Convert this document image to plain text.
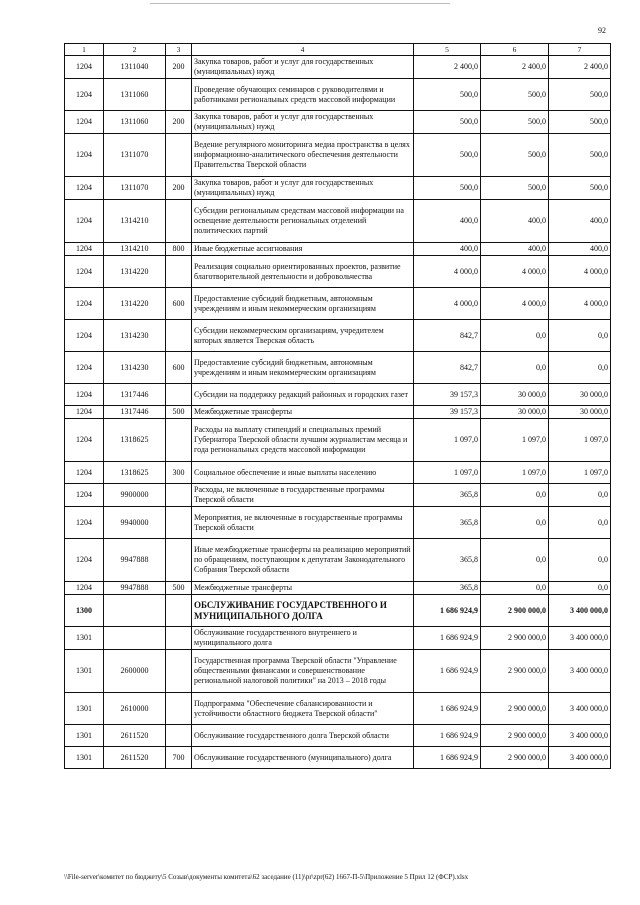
92
1	2	3	4	5	6	7
1204	1311040	200	Закупка товаров, работ и услуг для государственных (муниципальных) нужд	2 400,0	2 400,0	2 400,0
1204	1311060		Проведение обучающих семинаров с руководителями и работниками региональных средств массовой информации	500,0	500,0	500,0
1204	1311060	200	Закупка товаров, работ и услуг для государственных (муниципальных) нужд	500,0	500,0	500,0
1204	1311070		Ведение регулярного мониторинга медиа пространства в целях информационно-аналитического обеспечения деятельности Правительства Тверской области	500,0	500,0	500,0
1204	1311070	200	Закупка товаров, работ и услуг для государственных (муниципальных) нужд	500,0	500,0	500,0
1204	1314210		Субсидии региональным средствам массовой информации на освещение деятельности региональных отделений политических партий	400,0	400,0	400,0
1204	1314210	800	Иные бюджетные ассигнования	400,0	400,0	400,0
1204	1314220		Реализация социально ориентированных проектов, развитие благотворительной деятельности и добровольчества	4 000,0	4 000,0	4 000,0
1204	1314220	600	Предоставление субсидий бюджетным, автономным учреждениям и иным некоммерческим организациям	4 000,0	4 000,0	4 000,0
1204	1314230		Субсидии некоммерческим организациям, учредителем которых является Тверская область	842,7	0,0	0,0
1204	1314230	600	Предоставление субсидий бюджетным, автономным учреждениям и иным некоммерческим организациям	842,7	0,0	0,0
1204	1317446		Субсидии на поддержку редакций районных и городских газет	39 157,3	30 000,0	30 000,0
1204	1317446	500	Межбюджетные трансферты	39 157,3	30 000,0	30 000,0
1204	1318625		Расходы на выплату стипендий и специальных премий Губернатора Тверской области лучшим журналистам месяца и года региональных средств массовой информации	1 097,0	1 097,0	1 097,0
1204	1318625	300	Социальное обеспечение и иные выплаты населению	1 097,0	1 097,0	1 097,0
1204	9900000		Расходы, не включенные в государственные программы Тверской области	365,8	0,0	0,0
1204	9940000		Мероприятия, не включенные в государственные программы Тверской области	365,8	0,0	0,0
1204	9947888		Иные межбюджетные трансферты на реализацию мероприятий по обращениям, поступающим к депутатам Законодательного Собрания Тверской области	365,8	0,0	0,0
1204	9947888	500	Межбюджетные трансферты	365,8	0,0	0,0
1300			ОБСЛУЖИВАНИЕ ГОСУДАРСТВЕННОГО И МУНИЦИПАЛЬНОГО ДОЛГА	1 686 924,9	2 900 000,0	3 400 000,0
1301			Обслуживание государственного внутреннего и муниципального долга	1 686 924,9	2 900 000,0	3 400 000,0
1301	2600000		Государственная программа Тверской области "Управление общественными финансами и совершенствование региональной налоговой политики" на 2013 – 2018 годы	1 686 924,9	2 900 000,0	3 400 000,0
1301	2610000		Подпрограмма "Обеспечение сбалансированности и устойчивости областного бюджета Тверской области"	1 686 924,9	2 900 000,0	3 400 000,0
1301	2611520		Обслуживание государственного долга Тверской области	1 686 924,9	2 900 000,0	3 400 000,0
1301	2611520	700	Обслуживание государственного (муниципального) долга	1 686 924,9	2 900 000,0	3 400 000,0
\\File-server\комитет по бюджету\5 Созыв\документы комитета\62 заседание (11)\pr\zpr(62) 1667-П-5\Приложение 5 Прил 12 (ФСР).xlsx
